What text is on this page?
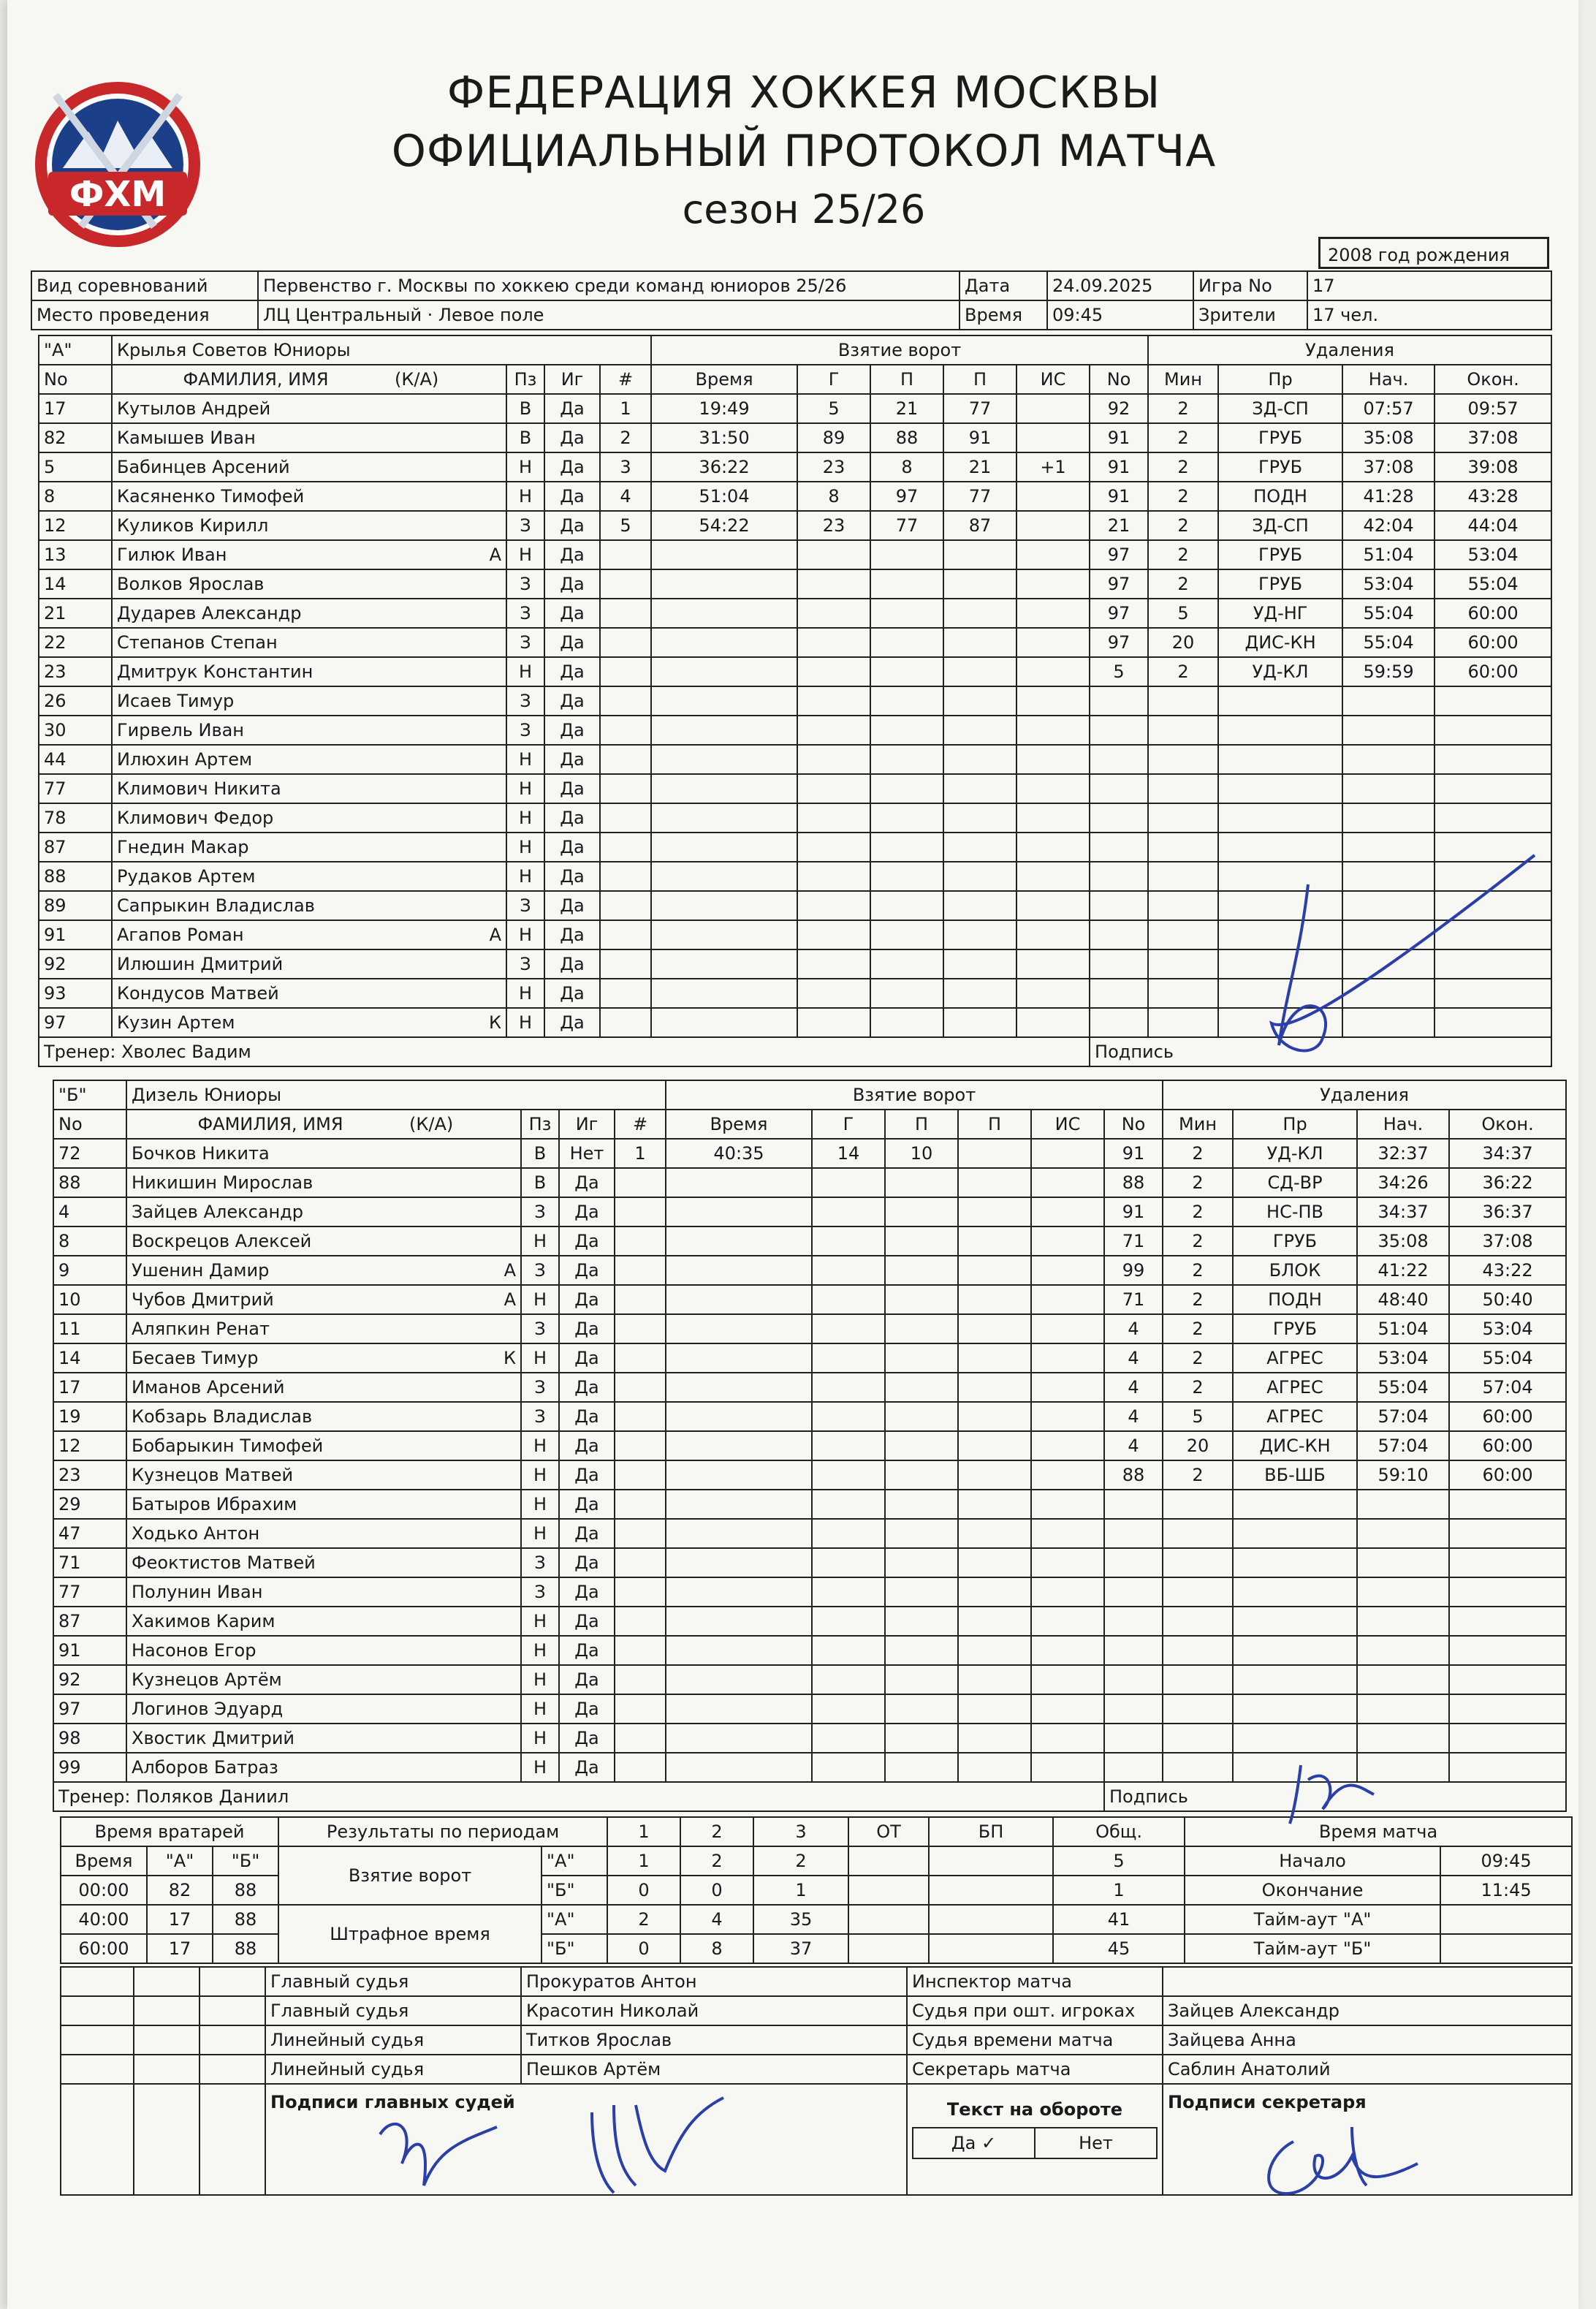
ФХМ
ФЕДЕРАЦИЯ ХОККЕЯ МОСКВЫ
ОФИЦИАЛЬНЫЙ ПРОТОКОЛ МАТЧА
сезон 25/26
2008 год рождения
Вид соревнований	Первенство г. Москвы по хоккею среди команд юниоров 25/26	Дата	24.09.2025	Игра No	17
Место проведения	ЛЦ Центральный · Левое поле	Время	09:45	Зрители	17 чел.
"А"	Крылья Советов Юниоры				Взятие ворот						Удаления			
No	ФАМИЛИЯ, ИМЯ (К/А)	Пз	Иг	#	Время	Г	П	П	ИС	No	Мин	Пр	Нач.	Окон.
17	Кутылов Андрей	В	Да	1	19:49	5	21	77		92	2	ЗД-СП	07:57	09:57
82	Камышев Иван	В	Да	2	31:50	89	88	91		91	2	ГРУБ	35:08	37:08
5	Бабинцев Арсений	Н	Да	3	36:22	23	8	21	+1	91	2	ГРУБ	37:08	39:08
8	Касяненко Тимофей	Н	Да	4	51:04	8	97	77		91	2	ПОДН	41:28	43:28
12	Куликов Кирилл	З	Да	5	54:22	23	77	87		21	2	ЗД-СП	42:04	44:04
13	Гилюк Иван А	Н	Да							97	2	ГРУБ	51:04	53:04
14	Волков Ярослав	З	Да							97	2	ГРУБ	53:04	55:04
21	Дударев Александр	З	Да							97	5	УД-НГ	55:04	60:00
22	Степанов Степан	З	Да							97	20	ДИС-КН	55:04	60:00
23	Дмитрук Константин	Н	Да							5	2	УД-КЛ	59:59	60:00
26	Исаев Тимур	З	Да											
30	Гирвель Иван	З	Да											
44	Илюхин Артем	Н	Да											
77	Климович Никита	Н	Да											
78	Климович Федор	Н	Да											
87	Гнедин Макар	Н	Да											
88	Рудаков Артем	Н	Да											
89	Сапрыкин Владислав	З	Да											
91	Агапов Роман А	Н	Да											
92	Илюшин Дмитрий	З	Да											
93	Кондусов Матвей	Н	Да											
97	Кузин Артем К	Н	Да											
Тренер: Хволес Вадим										Подпись				
"Б"	Дизель Юниоры				Взятие ворот						Удаления			
No	ФАМИЛИЯ, ИМЯ (К/А)	Пз	Иг	#	Время	Г	П	П	ИС	No	Мин	Пр	Нач.	Окон.
72	Бочков Никита	В	Нет	1	40:35	14	10			91	2	УД-КЛ	32:37	34:37
88	Никишин Мирослав	В	Да							88	2	СД-ВР	34:26	36:22
4	Зайцев Александр	З	Да							91	2	НС-ПВ	34:37	36:37
8	Воскрецов Алексей	Н	Да							71	2	ГРУБ	35:08	37:08
9	Ушенин Дамир А	З	Да							99	2	БЛОК	41:22	43:22
10	Чубов Дмитрий А	Н	Да							71	2	ПОДН	48:40	50:40
11	Аляпкин Ренат	З	Да							4	2	ГРУБ	51:04	53:04
14	Бесаев Тимур К	Н	Да							4	2	АГРЕС	53:04	55:04
17	Иманов Арсений	З	Да							4	2	АГРЕС	55:04	57:04
19	Кобзарь Владислав	З	Да							4	5	АГРЕС	57:04	60:00
12	Бобарыкин Тимофей	Н	Да							4	20	ДИС-КН	57:04	60:00
23	Кузнецов Матвей	Н	Да							88	2	ВБ-ШБ	59:10	60:00
29	Батыров Ибрахим	Н	Да											
47	Ходько Антон	Н	Да											
71	Феоктистов Матвей	З	Да											
77	Полунин Иван	З	Да											
87	Хакимов Карим	Н	Да											
91	Насонов Егор	Н	Да											
92	Кузнецов Артём	Н	Да											
97	Логинов Эдуард	Н	Да											
98	Хвостик Дмитрий	Н	Да											
99	Алборов Батраз	Н	Да											
Тренер: Поляков Даниил										Подпись				
Время вратарей			Результаты по периодам		1	2	3	ОТ	БП	Общ.	Время матча	
Время	"А"	"Б"	Взятие ворот	"А"	1	2	2			5	Начало	09:45
00:00	82	88		"Б"	0	0	1			1	Окончание	11:45
40:00	17	88	Штрафное время	"А"	2	4	35			41	Тайм-аут "А"	
60:00	17	88		"Б"	0	8	37			45	Тайм-аут "Б"	
			Главный судья	Прокуратов Антон	Инспектор матча	
			Главный судья	Красотин Николай	Судья при ошт. игроках	Зайцев Александр
			Линейный судья	Титков Ярослав	Судья времени матча	Зайцева Анна
			Линейный судья	Пешков Артём	Секретарь матча	Саблин Анатолий
			Подписи главных судей		Текст на обороте
Да ✓ Нет	Подписи секретаря
